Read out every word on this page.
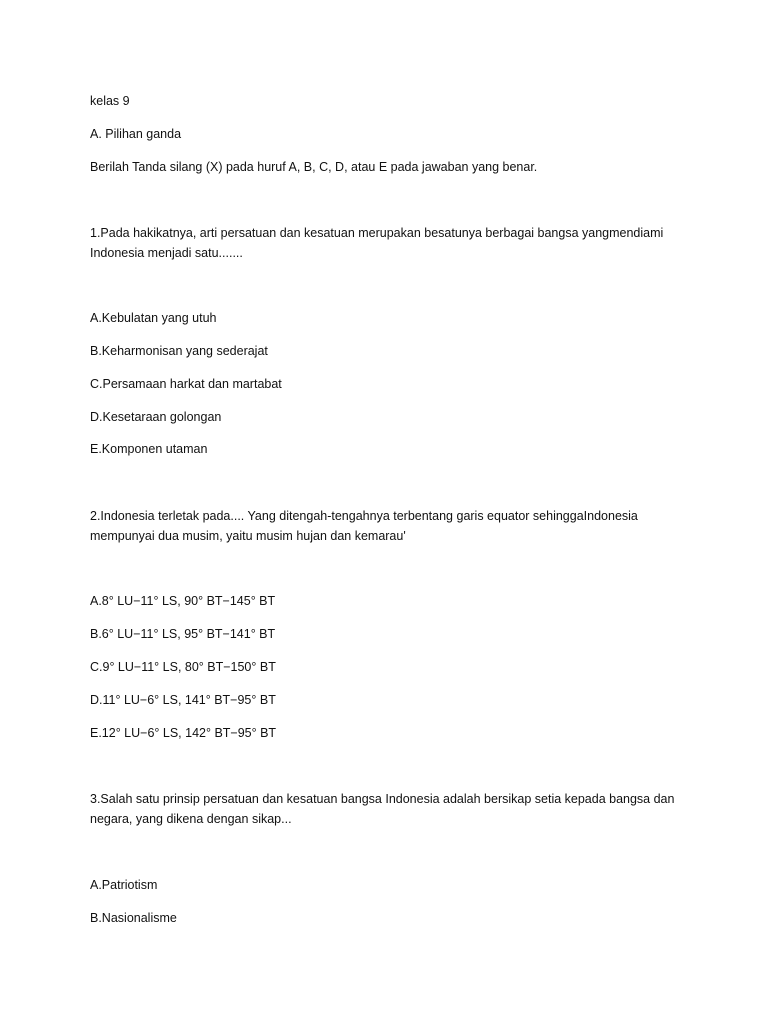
kelas 9
A. Pilihan ganda
Berilah Tanda silang (X) pada huruf A, B, C, D, atau E pada jawaban yang benar.
1.Pada hakikatnya, arti persatuan dan kesatuan merupakan besatunya berbagai bangsa yangmendiami
Indonesia menjadi satu.......
A.Kebulatan yang utuh
B.Keharmonisan yang sederajat
C.Persamaan harkat dan martabat
D.Kesetaraan golongan
E.Komponen utaman
2.Indonesia terletak pada.... Yang ditengah-tengahnya terbentang garis equator sehinggaIndonesia
mempunyai dua musim, yaitu musim hujan dan kemarau'
A.8° LU−11° LS, 90° BT−145° BT
B.6° LU−11° LS, 95° BT−141° BT
C.9° LU−11° LS, 80° BT−150° BT
D.11° LU−6° LS, 141° BT−95° BT
E.12° LU−6° LS, 142° BT−95° BT
3.Salah satu prinsip persatuan dan kesatuan bangsa Indonesia adalah bersikap setia kepada bangsa dan
negara, yang dikena dengan sikap...
A.Patriotism
B.Nasionalisme
